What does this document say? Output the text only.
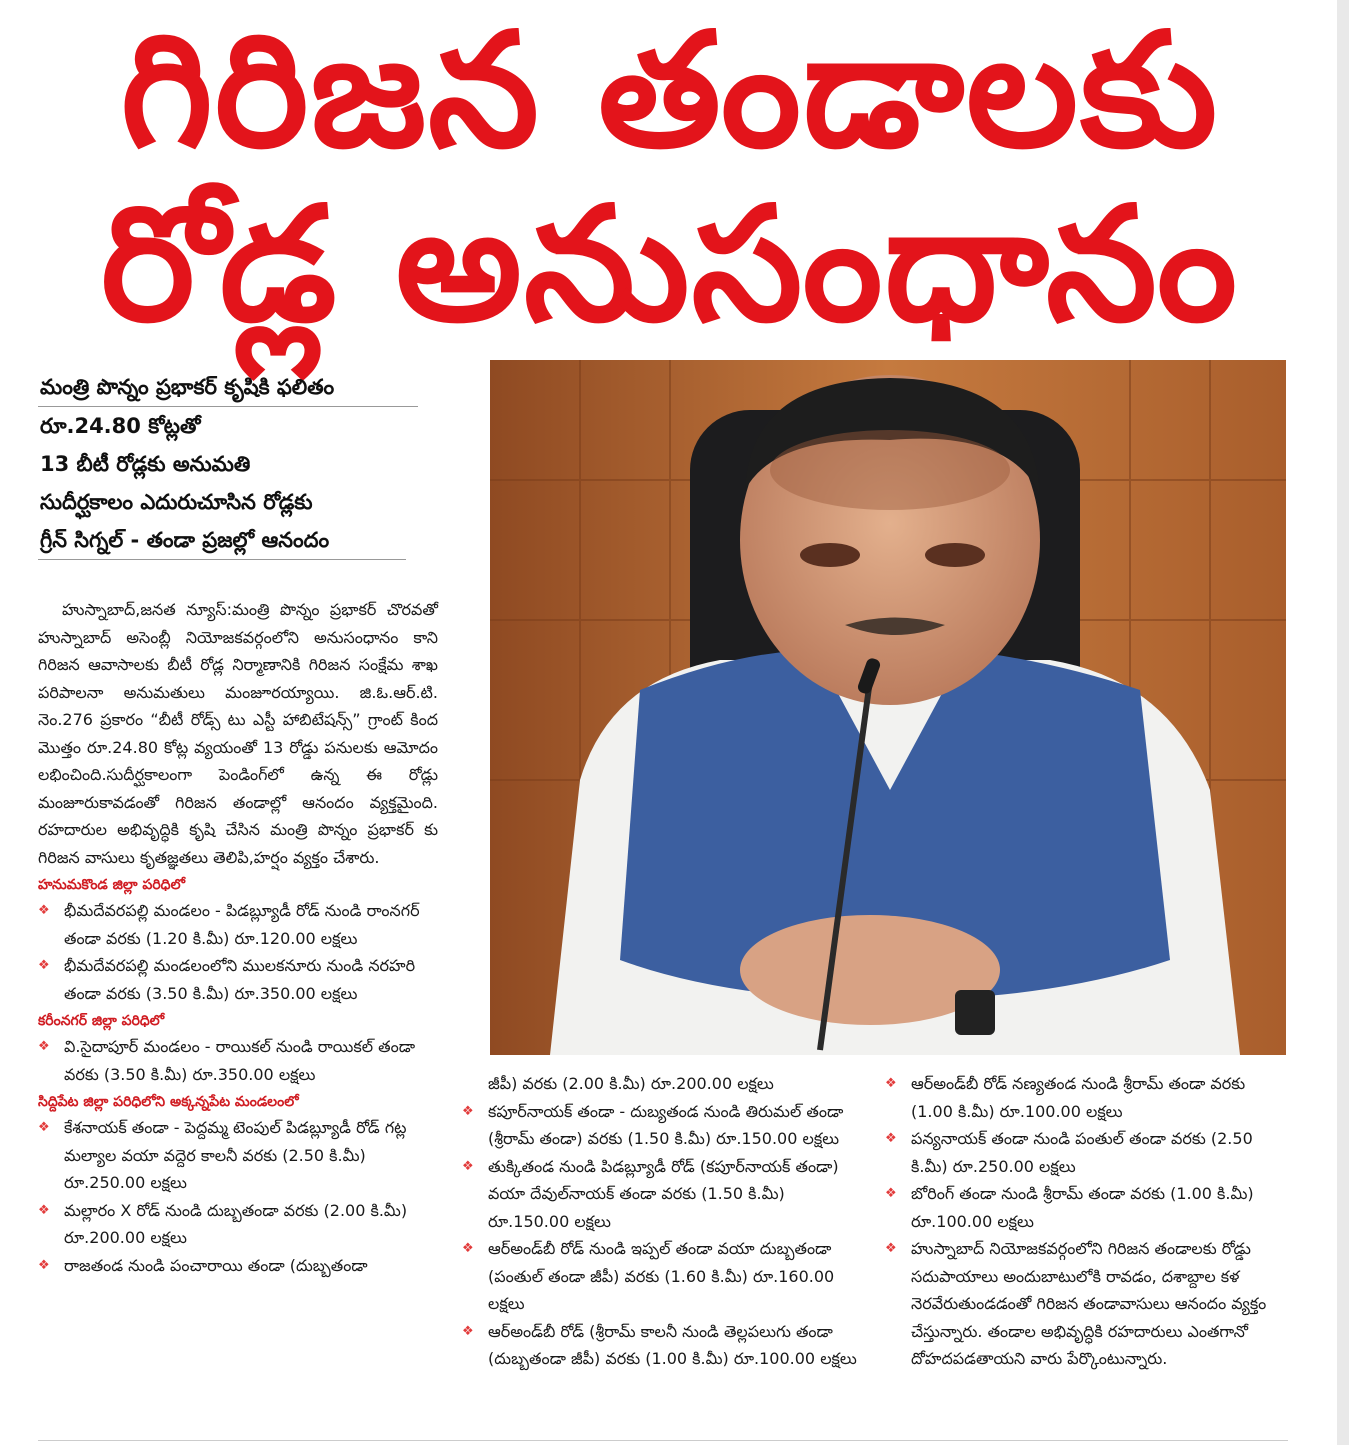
గిరిజన తండాలకు
రోడ్ల అనుసంధానం
మంత్రి పొన్నం ప్రభాకర్ కృషికి ఫలితం
రూ.24.80 కోట్లతో
13 బీటీ రోడ్లకు అనుమతి
సుదీర్ఘకాలం ఎదురుచూసిన రోడ్లకు
గ్రీన్ సిగ్నల్ - తండా ప్రజల్లో ఆనందం

హుస్నాబాద్,జనత న్యూస్:మంత్రి పొన్నం ప్రభాకర్ చొరవతో హుస్నాబాద్ అసెంబ్లీ నియోజకవర్గంలోని అనుసంధానం కాని గిరిజన ఆవాసాలకు బీటీ రోడ్ల నిర్మాణానికి గిరిజన సంక్షేమ శాఖ పరిపాలనా అనుమతులు మంజూరయ్యాయి. జి.ఓ.ఆర్.టి. నెం.276 ప్రకారం “బీటీ రోడ్స్ టు ఎస్టీ హాబిటేషన్స్” గ్రాంట్ కింద మొత్తం రూ.24.80 కోట్ల వ్యయంతో 13 రోడ్డు పనులకు ఆమోదం లభించింది.సుదీర్ఘకాలంగా పెండింగ్‌లో ఉన్న ఈ రోడ్లు మంజూరుకావడంతో గిరిజన తండాల్లో ఆనందం వ్యక్తమైంది. రహదారుల అభివృద్ధికి కృషి చేసిన మంత్రి పొన్నం ప్రభాకర్ కు గిరిజన వాసులు కృతజ్ఞతలు తెలిపి,హర్షం వ్యక్తం చేశారు.

హనుమకొండ జిల్లా పరిధిలో
❖ భీమదేవరపల్లి మండలం - పిడబ్ల్యూడీ రోడ్ నుండి రాంనగర్ తండా వరకు (1.20 కి.మీ) రూ.120.00 లక్షలు
❖ భీమదేవరపల్లి మండలంలోని ములకనూరు నుండి నరహరి తండా వరకు (3.50 కి.మీ) రూ.350.00 లక్షలు
కరీంనగర్ జిల్లా పరిధిలో
❖ వి.సైదాపూర్ మండలం - రాయికల్ నుండి రాయికల్ తండా వరకు (3.50 కి.మీ) రూ.350.00 లక్షలు
సిద్దిపేట జిల్లా పరిధిలోని అక్కన్నపేట మండలంలో
❖ కేశనాయక్ తండా - పెద్దమ్మ టెంపుల్ పిడబ్ల్యూడీ రోడ్ గట్ల మల్యాల వయా వద్దెర కాలనీ వరకు (2.50 కి.మీ) రూ.250.00 లక్షలు
❖ మల్లారం X రోడ్ నుండి దుబ్బతండా వరకు (2.00 కి.మీ) రూ.200.00 లక్షలు
❖ రాజతండ నుండి పంచారాయి తండా (దుబ్బతండా
జీపీ) వరకు (2.00 కి.మీ) రూ.200.00 లక్షలు
❖ కపూర్‌నాయక్ తండా - దుబ్యతండ నుండి తిరుమల్ తండా (శ్రీరామ్ తండా) వరకు (1.50 కి.మీ) రూ.150.00 లక్షలు
❖ తుక్కితండ నుండి పిడబ్ల్యూడీ రోడ్ (కపూర్‌నాయక్ తండా) వయా దేవుల్‌నాయక్ తండా వరకు (1.50 కి.మీ) రూ.150.00 లక్షలు
❖ ఆర్అండ్‌బీ రోడ్ నుండి ఇప్పల్ తండా వయా దుబ్బతండా (పంతుల్ తండా జీపీ) వరకు (1.60 కి.మీ) రూ.160.00 లక్షలు
❖ ఆర్అండ్‌బీ రోడ్ (శ్రీరామ్ కాలనీ నుండి తెల్లపలుగు తండా (దుబ్బతండా జీపీ) వరకు (1.00 కి.మీ) రూ.100.00 లక్షలు
❖ ఆర్అండ్‌బీ రోడ్ నణ్యతండ నుండి శ్రీరామ్ తండా వరకు (1.00 కి.మీ) రూ.100.00 లక్షలు
❖ పన్యనాయక్ తండా నుండి పంతుల్ తండా వరకు (2.50 కి.మీ) రూ.250.00 లక్షలు
❖ బోరింగ్ తండా నుండి శ్రీరామ్ తండా వరకు (1.00 కి.మీ) రూ.100.00 లక్షలు
❖ హుస్నాబాద్ నియోజకవర్గంలోని గిరిజన తండాలకు రోడ్డు సదుపాయాలు అందుబాటులోకి రావడం, దశాబ్దాల కళ నెరవేరుతుండడంతో గిరిజన తండావాసులు ఆనందం వ్యక్తం చేస్తున్నారు. తండాల అభివృద్ధికి రహదారులు ఎంతగానో దోహదపడతాయని వారు పేర్కొంటున్నారు.
